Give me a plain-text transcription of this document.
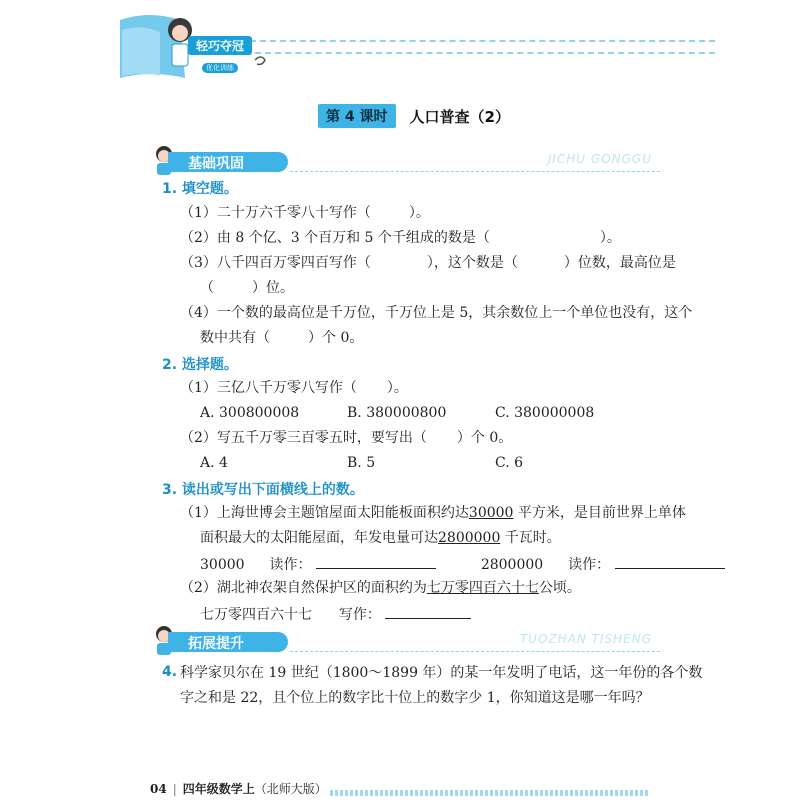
轻巧夺冠
优化训练
第 4 课时	人口普查（2）
基础巩固	JICHU GONGGU
1. 填空题。
（1）二十万六千零八十写作（	）。
（2）由 8 个亿、3 个百万和 5 个千组成的数是（	）。
（3）八千四百万零四百写作（	），这个数是（	）位数，最高位是
（	）位。
（4）一个数的最高位是千万位，千万位上是 5，其余数位上一个单位也没有，这个
数中共有（	）个 0。
2. 选择题。
（1）三亿八千万零八写作（ ）。
A. 300800008	B. 380000800	C. 380000008
（2）写五千万零三百零五时，要写出（ ）个 0。
A. 4	B. 5	C. 6
3. 读出或写出下面横线上的数。
（1）上海世博会主题馆屋面太阳能板面积约达30000 平方米，是目前世界上单体
面积最大的太阳能屋面，年发电量可达2800000 千瓦时。
30000 读作：	2800000 读作：
（2）湖北神农架自然保护区的面积约为七万零四百六十七公顷。
七万零四百六十七 写作：
拓展提升	TUOZHAN TISHENG
4. 科学家贝尔在 19 世纪（1800～1899 年）的某一年发明了电话，这一年份的各个数
字之和是 22，且个位上的数字比十位上的数字少 1，你知道这是哪一年吗？
04 | 四年级数学上 （北师大版）
